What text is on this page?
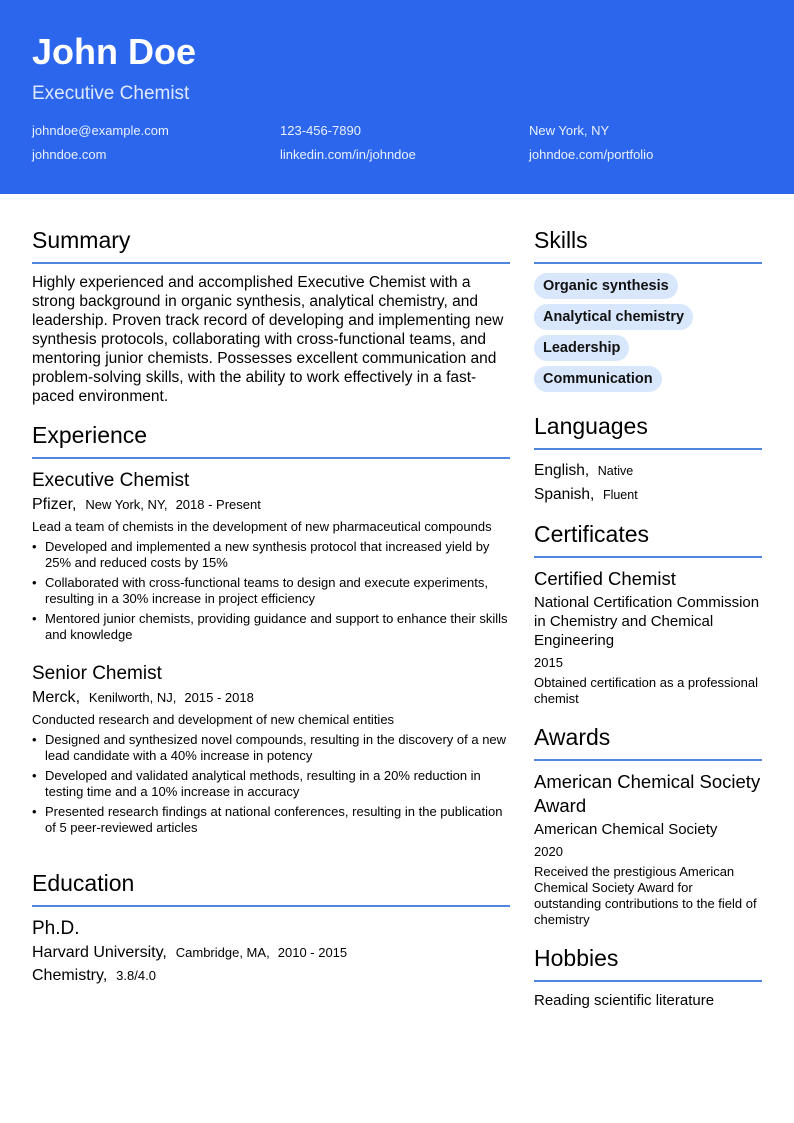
John Doe
Executive Chemist
johndoe@example.com	123-456-7890	New York, NY
johndoe.com	linkedin.com/in/johndoe	johndoe.com/portfolio
Summary
Highly experienced and accomplished Executive Chemist with a strong background in organic synthesis, analytical chemistry, and leadership. Proven track record of developing and implementing new synthesis protocols, collaborating with cross-functional teams, and mentoring junior chemists. Possesses excellent communication and problem-solving skills, with the ability to work effectively in a fast-paced environment.
Experience
Executive Chemist
Pfizer,  New York, NY,  2018 - Present
Lead a team of chemists in the development of new pharmaceutical compounds
• Developed and implemented a new synthesis protocol that increased yield by 25% and reduced costs by 15%
• Collaborated with cross-functional teams to design and execute experiments, resulting in a 30% increase in project efficiency
• Mentored junior chemists, providing guidance and support to enhance their skills and knowledge
Senior Chemist
Merck,  Kenilworth, NJ,  2015 - 2018
Conducted research and development of new chemical entities
• Designed and synthesized novel compounds, resulting in the discovery of a new lead candidate with a 40% increase in potency
• Developed and validated analytical methods, resulting in a 20% reduction in testing time and a 10% increase in accuracy
• Presented research findings at national conferences, resulting in the publication of 5 peer-reviewed articles
Education
Ph.D.
Harvard University,  Cambridge, MA,  2010 - 2015
Chemistry,  3.8/4.0
Skills
Organic synthesis
Analytical chemistry
Leadership
Communication
Languages
English,  Native
Spanish,  Fluent
Certificates
Certified Chemist
National Certification Commission in Chemistry and Chemical Engineering
2015
Obtained certification as a professional chemist
Awards
American Chemical Society Award
American Chemical Society
2020
Received the prestigious American Chemical Society Award for outstanding contributions to the field of chemistry
Hobbies
Reading scientific literature
